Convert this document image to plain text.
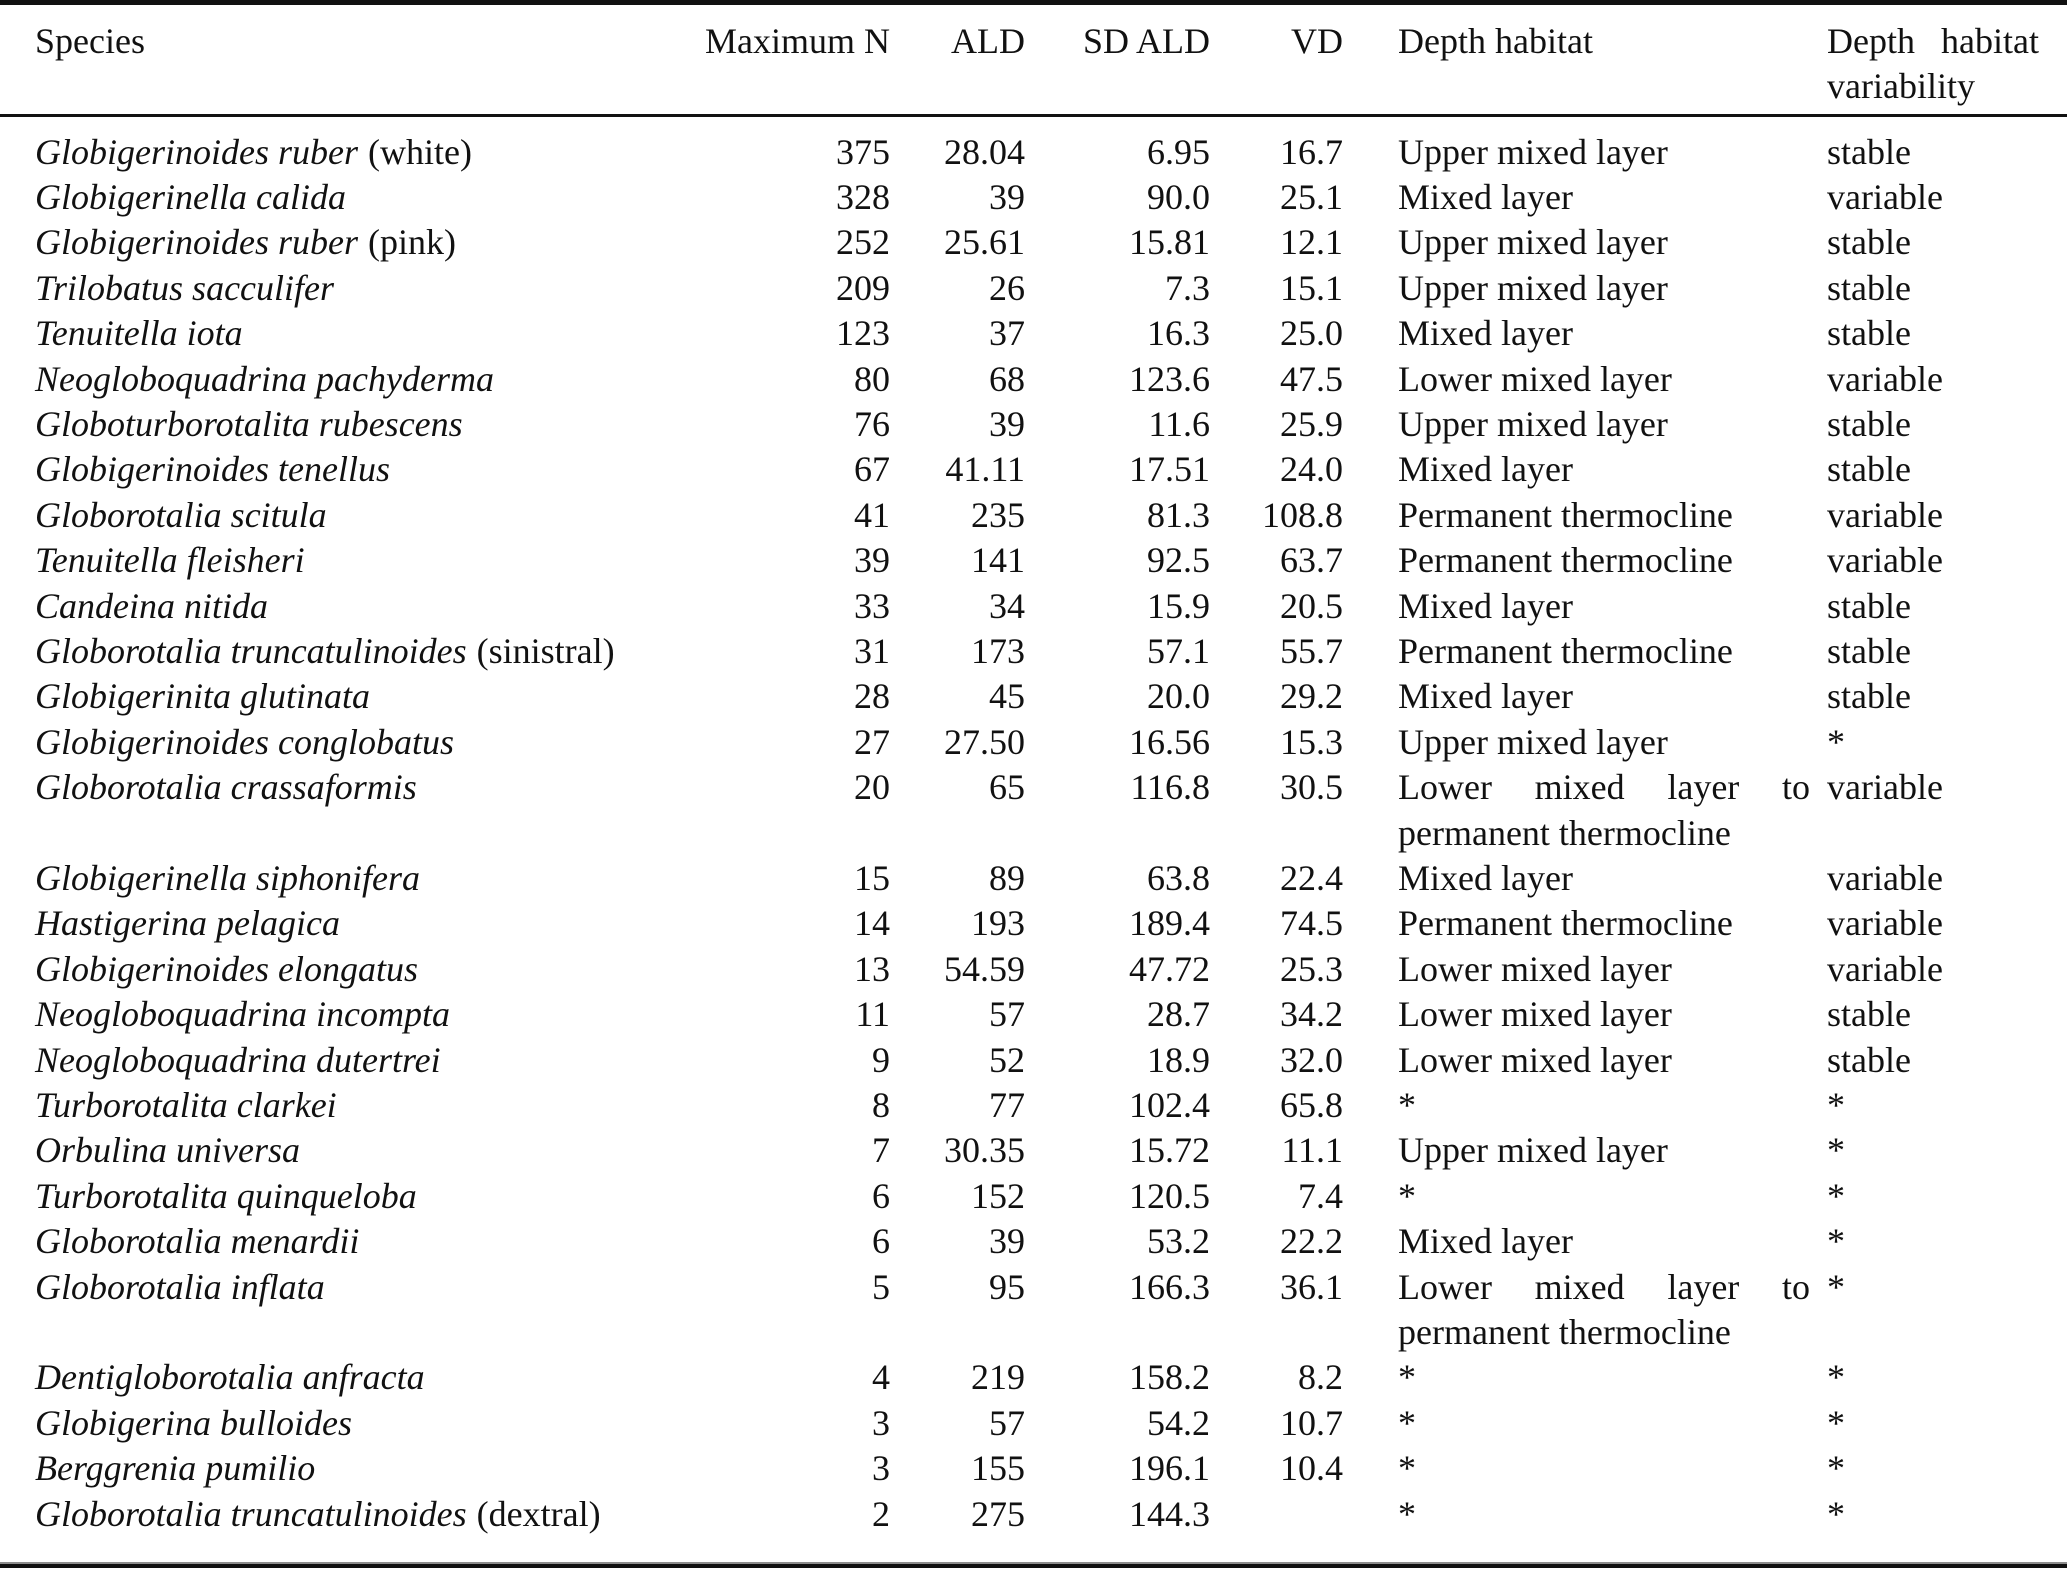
Species	Maximum N	ALD	SD ALD	VD	Depth habitat	Depth habitat variability
Globigerinoides ruber (white)	375	28.04	6.95	16.7	Upper mixed layer	stable
Globigerinella calida	328	39	90.0	25.1	Mixed layer	variable
Globigerinoides ruber (pink)	252	25.61	15.81	12.1	Upper mixed layer	stable
Trilobatus sacculifer	209	26	7.3	15.1	Upper mixed layer	stable
Tenuitella iota	123	37	16.3	25.0	Mixed layer	stable
Neogloboquadrina pachyderma	80	68	123.6	47.5	Lower mixed layer	variable
Globoturborotalita rubescens	76	39	11.6	25.9	Upper mixed layer	stable
Globigerinoides tenellus	67	41.11	17.51	24.0	Mixed layer	stable
Globorotalia scitula	41	235	81.3	108.8	Permanent thermocline	variable
Tenuitella fleisheri	39	141	92.5	63.7	Permanent thermocline	variable
Candeina nitida	33	34	15.9	20.5	Mixed layer	stable
Globorotalia truncatulinoides (sinistral)	31	173	57.1	55.7	Permanent thermocline	stable
Globigerinita glutinata	28	45	20.0	29.2	Mixed layer	stable
Globigerinoides conglobatus	27	27.50	16.56	15.3	Upper mixed layer	*
Globorotalia crassaformis	20	65	116.8	30.5	Lower mixed layer to permanent thermocline	variable
Globigerinella siphonifera	15	89	63.8	22.4	Mixed layer	variable
Hastigerina pelagica	14	193	189.4	74.5	Permanent thermocline	variable
Globigerinoides elongatus	13	54.59	47.72	25.3	Lower mixed layer	variable
Neogloboquadrina incompta	11	57	28.7	34.2	Lower mixed layer	stable
Neogloboquadrina dutertrei	9	52	18.9	32.0	Lower mixed layer	stable
Turborotalita clarkei	8	77	102.4	65.8	*	*
Orbulina universa	7	30.35	15.72	11.1	Upper mixed layer	*
Turborotalita quinqueloba	6	152	120.5	7.4	*	*
Globorotalia menardii	6	39	53.2	22.2	Mixed layer	*
Globorotalia inflata	5	95	166.3	36.1	Lower mixed layer to permanent thermocline	*
Dentigloborotalia anfracta	4	219	158.2	8.2	*	*
Globigerina bulloides	3	57	54.2	10.7	*	*
Berggrenia pumilio	3	155	196.1	10.4	*	*
Globorotalia truncatulinoides (dextral)	2	275	144.3		*	*
